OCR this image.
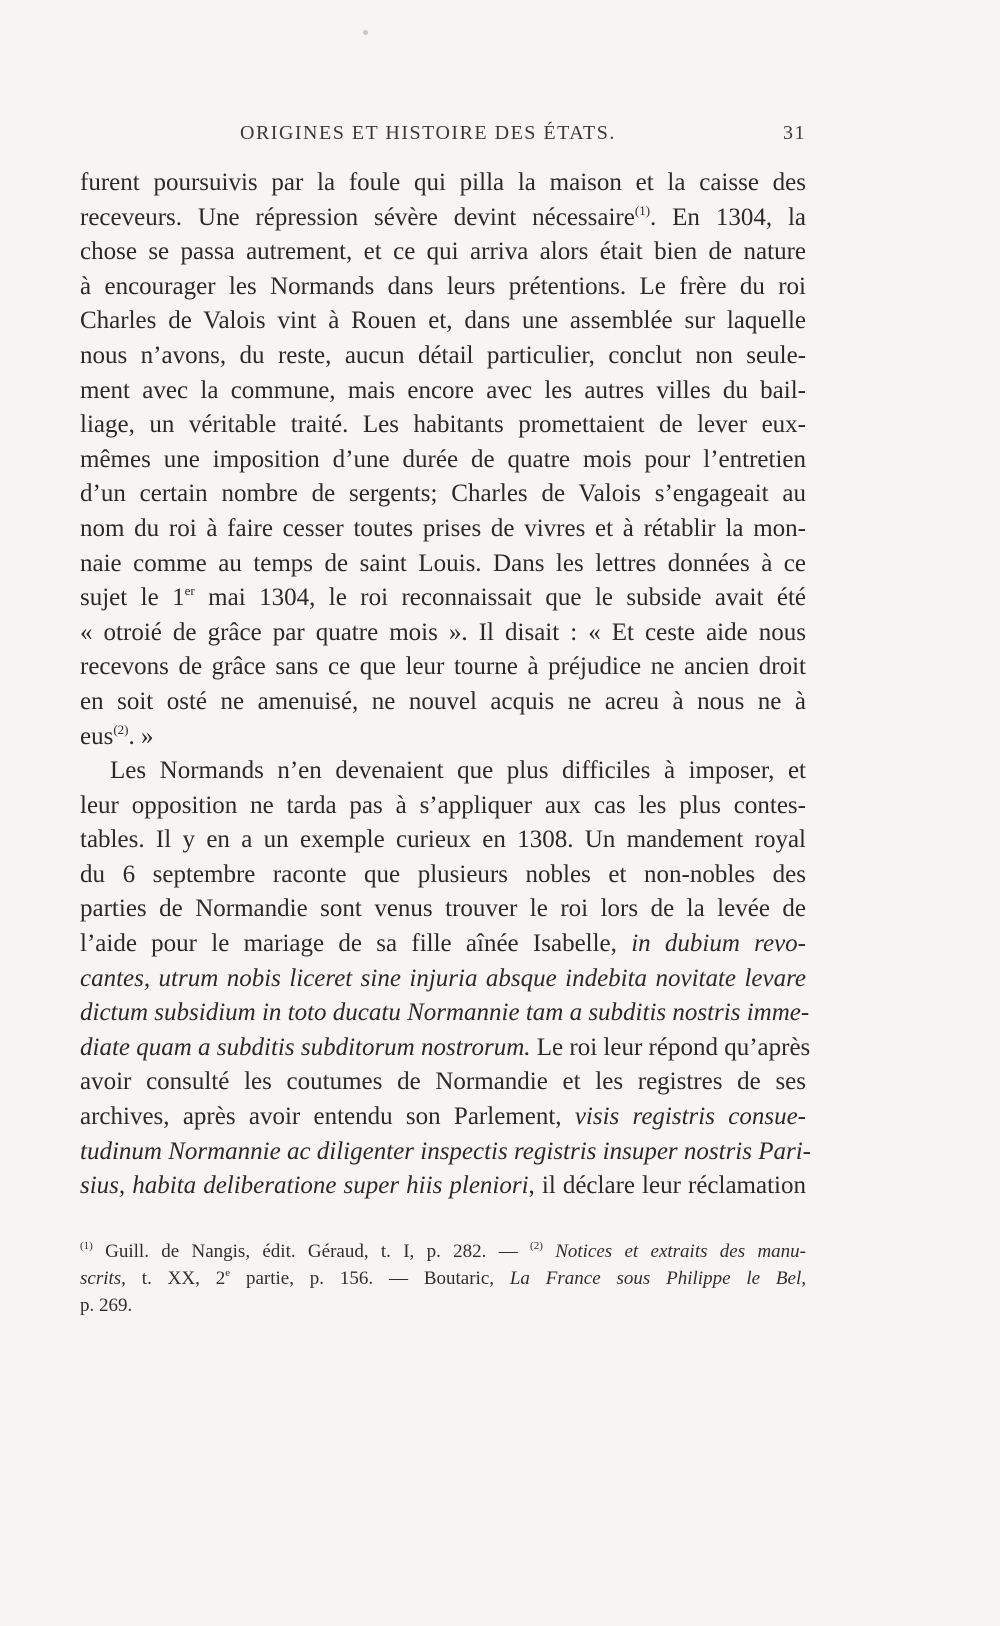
ORIGINES ET HISTOIRE DES ÉTATS.	31
furent poursuivis par la foule qui pilla la maison et la caisse des
receveurs. Une répression sévère devint nécessaire$^{(1)}$. En 1304, la
chose se passa autrement, et ce qui arriva alors était bien de nature
à encourager les Normands dans leurs prétentions. Le frère du roi
Charles de Valois vint à Rouen et, dans une assemblée sur laquelle
nous n’avons, du reste, aucun détail particulier, conclut non seule-
ment avec la commune, mais encore avec les autres villes du bail-
liage, un véritable traité. Les habitants promettaient de lever eux-
mêmes une imposition d’une durée de quatre mois pour l’entretien
d’un certain nombre de sergents; Charles de Valois s’engageait au
nom du roi à faire cesser toutes prises de vivres et à rétablir la mon-
naie comme au temps de saint Louis. Dans les lettres données à ce
sujet le 1er mai 1304, le roi reconnaissait que le subside avait été
« otroié de grâce par quatre mois ». Il disait : « Et ceste aide nous
recevons de grâce sans ce que leur tourne à préjudice ne ancien droit
en soit osté ne amenuisé, ne nouvel acquis ne acreu à nous ne à
eus$^{(2)}$. »
Les Normands n’en devenaient que plus difficiles à imposer, et
leur opposition ne tarda pas à s’appliquer aux cas les plus contes-
tables. Il y en a un exemple curieux en 1308. Un mandement royal
du 6 septembre raconte que plusieurs nobles et non-nobles des
parties de Normandie sont venus trouver le roi lors de la levée de
l’aide pour le mariage de sa fille aînée Isabelle, in dubium revo-
cantes, utrum nobis liceret sine injuria absque indebita novitate levare
dictum subsidium in toto ducatu Normannie tam a subditis nostris imme-
diate quam a subditis subditorum nostrorum. Le roi leur répond qu’après
avoir consulté les coutumes de Normandie et les registres de ses
archives, après avoir entendu son Parlement, visis registris consue-
tudinum Normannie ac diligenter inspectis registris insuper nostris Pari-
sius, habita deliberatione super hiis pleniori, il déclare leur réclamation
$^{(1)}$ Guill. de Nangis, édit. Géraud, t. I, p. 282. — $^{(2)}$ Notices et extraits des manu-
scrits, t. XX, 2e partie, p. 156. — Boutaric, La France sous Philippe le Bel,
p. 269.
